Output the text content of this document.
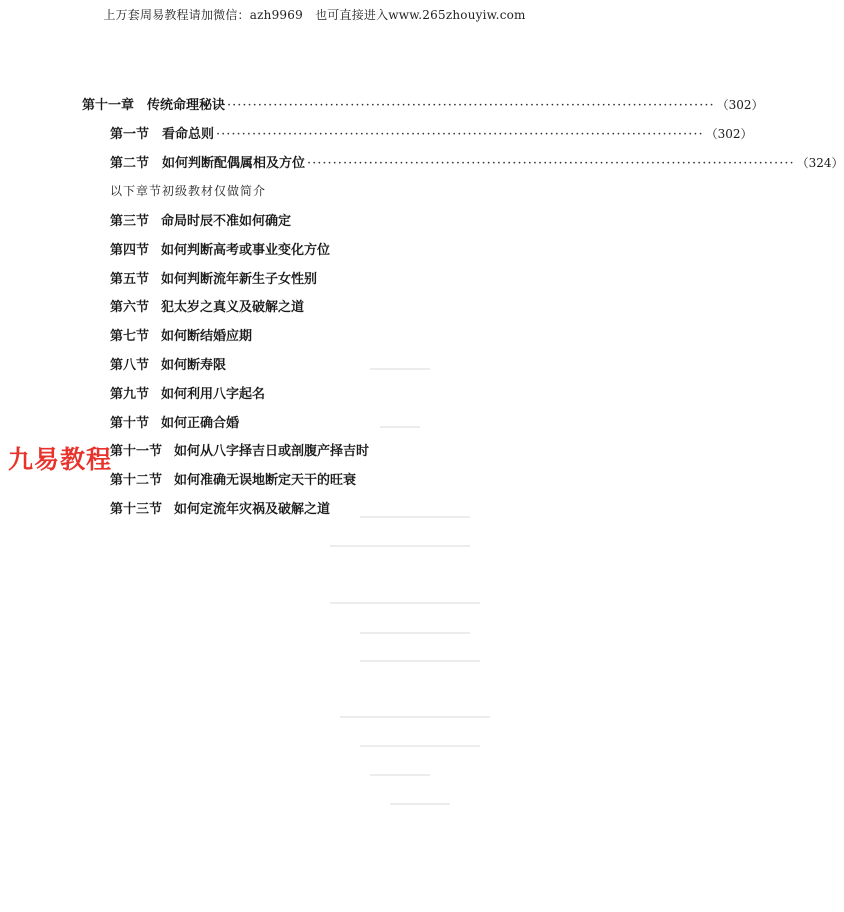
上万套周易教程请加微信：azh9969　也可直接进入www.265zhouyiw.com
第十一章　传统命理秘诀 ······························································································· （302）
第一节　看命总则 ······························································································· （302）
第二节　如何判断配偶属相及方位 ······························································································· （324）
以下章节初级教材仅做简介
第三节 命局时辰不准如何确定
第四节 如何判断高考或事业变化方位
第五节 如何判断流年新生子女性别
第六节 犯太岁之真义及破解之道
第七节 如何断结婚应期
第八节 如何断寿限
第九节 如何利用八字起名
第十节 如何正确合婚
第十一节 如何从八字择吉日或剖腹产择吉时
第十二节 如何准确无误地断定天干的旺衰
第十三节 如何定流年灾祸及破解之道
九易教程
